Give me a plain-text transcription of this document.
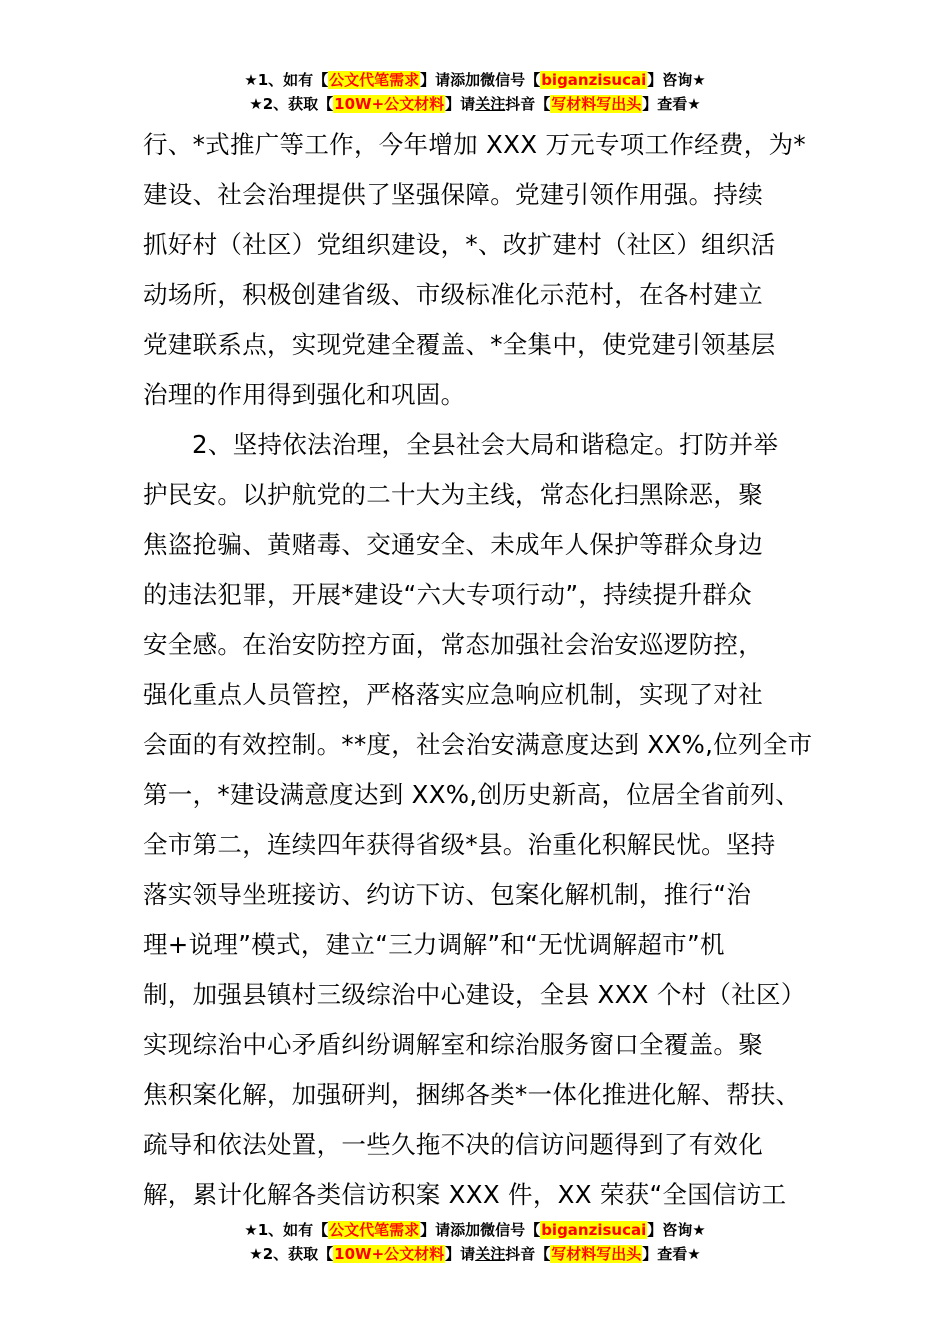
★1、如有【公文代笔需求】请添加微信号【biganzisucai】咨询★
★2、获取【10W+公文材料】请关注抖音【写材料写出头】查看★
行、*式推广等工作，今年增加 XXX 万元专项工作经费，为*
建设、社会治理提供了坚强保障。党建引领作用强。持续
抓好村（社区）党组织建设，*、改扩建村（社区）组织活
动场所，积极创建省级、市级标准化示范村，在各村建立
党建联系点，实现党建全覆盖、*全集中，使党建引领基层
治理的作用得到强化和巩固。
2、坚持依法治理，全县社会大局和谐稳定。打防并举
护民安。以护航党的二十大为主线，常态化扫黑除恶，聚
焦盗抢骗、黄赌毒、交通安全、未成年人保护等群众身边
的违法犯罪，开展*建设“六大专项行动”，持续提升群众
安全感。在治安防控方面，常态加强社会治安巡逻防控，
强化重点人员管控，严格落实应急响应机制，实现了对社
会面的有效控制。**度，社会治安满意度达到 XX%,位列全市
第一，*建设满意度达到 XX%,创历史新高，位居全省前列、
全市第二，连续四年获得省级*县。治重化积解民忧。坚持
落实领导坐班接访、约访下访、包案化解机制，推行“治
理+说理”模式，建立“三力调解”和“无忧调解超市”机
制，加强县镇村三级综治中心建设，全县 XXX 个村（社区）
实现综治中心矛盾纠纷调解室和综治服务窗口全覆盖。聚
焦积案化解，加强研判，捆绑各类*一体化推进化解、帮扶、
疏导和依法处置，一些久拖不决的信访问题得到了有效化
解，累计化解各类信访积案 XXX 件，XX 荣获“全国信访工
★1、如有【公文代笔需求】请添加微信号【biganzisucai】咨询★
★2、获取【10W+公文材料】请关注抖音【写材料写出头】查看★
